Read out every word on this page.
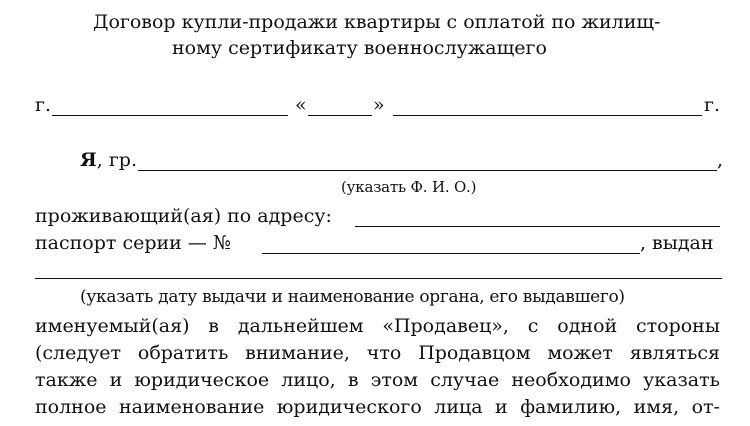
Договор купли-продажи квартиры с оплатой по жилищ-
ному сертификату военнослужащего
г.	«	»	г.
Я, гр.	,
(указать Ф. И. О.)
проживающий(ая) по адресу:
паспорт серии — №	, выдан
(указать дату выдачи и наименование органа, его выдавшего)
именуемый(ая) в дальнейшем «Продавец», с одной стороны
(следует обратить внимание, что Продавцом может являться
также и юридическое лицо, в этом случае необходимо указать
полное наименование юридического лица и фамилию, имя, от-
